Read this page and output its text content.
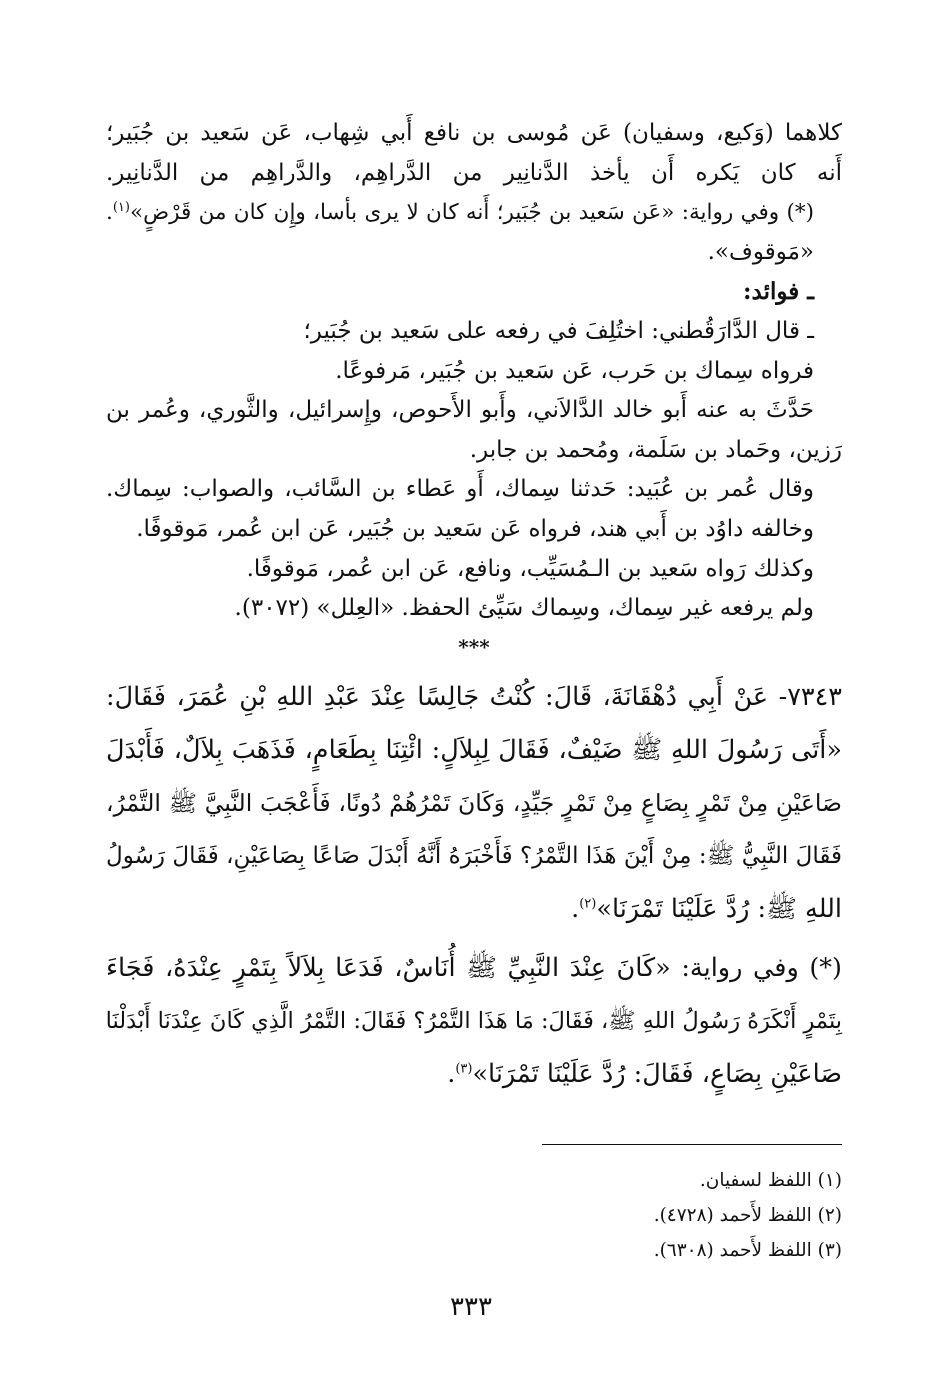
كلاهما (وَكيع، وسفيان) عَن مُوسى بن نافع أَبي شِهاب، عَن سَعيد بن جُبَير؛
أَنه كان يَكره أَن يأخذ الدَّنانِير من الدَّراهِم، والدَّراهِم من الدَّنانِير.
(*) وفي رواية: «عَن سَعيد بن جُبَير؛ أَنه كان لا يرى بأسا، وإِن كان من قَرْضٍ»$^{(١)}$.
«مَوقوف».
ـ فوائد:
ـ قال الدَّارَقُطني: اختُلِفَ في رفعه على سَعيد بن جُبَير؛
فرواه سِماك بن حَرب، عَن سَعيد بن جُبَير، مَرفوعًا.
حَدَّثَ به عنه أَبو خالد الدَّالاَني، وأَبو الأَحوص، وإِسرائيل، والثَّوري، وعُمر بن
رَزين، وحَماد بن سَلَمة، ومُحمد بن جابر.
وقال عُمر بن عُبَيد: حَدثنا سِماك، أَو عَطاء بن السَّائب، والصواب: سِماك.
وخالفه داوُد بن أَبي هند، فرواه عَن سَعيد بن جُبَير، عَن ابن عُمر، مَوقوفًا.
وكذلك رَواه سَعيد بن الـمُسَيِّب، ونافع، عَن ابن عُمر، مَوقوفًا.
ولم يرفعه غير سِماك، وسِماك سَيِّئ الحفظ. «العِلل» (٣٠٧٢).
***
٧٣٤٣- عَنْ أَبِي دُهْقَانَةَ، قَالَ: كُنْتُ جَالِسًا عِنْدَ عَبْدِ اللهِ بْنِ عُمَرَ، فَقَالَ:
«أَتَى رَسُولَ اللهِ ﷺ ضَيْفٌ، فَقَالَ لِبِلاَلٍ: ائْتِنَا بِطَعَامٍ، فَذَهَبَ بِلاَلٌ، فَأَبْدَلَ
صَاعَيْنِ مِنْ تَمْرٍ بِصَاعٍ مِنْ تَمْرٍ جَيِّدٍ، وَكَانَ تَمْرُهُمْ دُونًا، فَأَعْجَبَ النَّبِيَّ ﷺ التَّمْرُ،
فَقَالَ النَّبِيُّ ﷺ: مِنْ أَيْنَ هَذَا التَّمْرُ؟ فَأَخْبَرَهُ أَنَّهُ أَبْدَلَ صَاعًا بِصَاعَيْنِ، فَقَالَ رَسُولُ
اللهِ ﷺ: رُدَّ عَلَيْنَا تَمْرَنَا»$^{(٢)}$.
(*) وفي رواية: «كَانَ عِنْدَ النَّبِيِّ ﷺ أُنَاسٌ، فَدَعَا بِلاَلاً بِتَمْرٍ عِنْدَهُ، فَجَاءَ
بِتَمْرٍ أَنْكَرَهُ رَسُولُ اللهِ ﷺ، فَقَالَ: مَا هَذَا التَّمْرُ؟ فَقَالَ: التَّمْرُ الَّذِي كَانَ عِنْدَنَا أَبْدَلْنَا
صَاعَيْنِ بِصَاعٍ، فَقَالَ: رُدَّ عَلَيْنَا تَمْرَنَا»$^{(٣)}$.
(١) اللفظ لسفيان.
(٢) اللفظ لأَحمد (٤٧٢٨).
(٣) اللفظ لأَحمد (٦٣٠٨).
٣٣٣
